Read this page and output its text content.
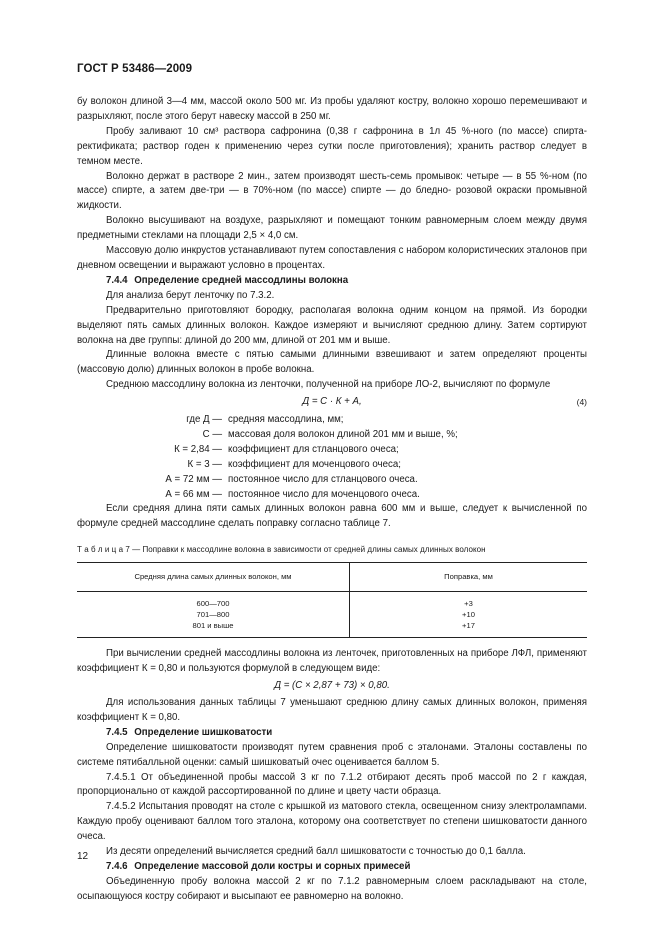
ГОСТ Р 53486—2009

бу волокон длиной 3—4 мм, массой около 500 мг. Из пробы удаляют костру, волокно хорошо перемешивают и разрыхляют, после этого берут навеску массой в 250 мг.

Пробу заливают 10 см³ раствора сафронина (0,38 г сафронина в 1л 45 %-ного (по массе) спирта-ректификата; раствор годен к применению через сутки после приготовления); хранить раствор следует в темном месте.

Волокно держат в растворе 2 мин., затем производят шесть-семь промывок: четыре — в 55 %-ном (по массе) спирте, а затем две-три — в 70%-ном (по массе) спирте — до бледно- розовой окраски промывной жидкости.

Волокно высушивают на воздухе, разрыхляют и помещают тонким равномерным слоем между двумя предметными стеклами на площади 2,5 × 4,0 см.

Массовую долю инкрустов устанавливают путем сопоставления с набором колористических эталонов при дневном освещении и выражают условно в процентах.

7.4.4 Определение средней массодлины волокна

Для анализа берут ленточку по 7.3.2.

Предварительно приготовляют бородку, располагая волокна одним концом на прямой. Из бородки выделяют пять самых длинных волокон. Каждое измеряют и вычисляют среднюю длину. Затем сортируют волокна на две группы: длиной до 200 мм, длиной от 201 мм и выше.

Длинные волокна вместе с пятью самыми длинными взвешивают и затем определяют проценты (массовую долю) длинных волокон в пробе волокна.

Среднюю массодлину волокна из ленточки, полученной на приборе ЛО-2, вычисляют по формуле

Д = С · К + А,	(4)
где Д — средняя массодлина, мм;
С — массовая доля волокон длиной 201 мм и выше, %;
К = 2,84 — коэффициент для стланцового очеса;
К = 3 — коэффициент для моченцового очеса;
А = 72 мм — постоянное число для стланцового очеса.
А = 66 мм — постоянное число для моченцового очеса.

Если средняя длина пяти самых длинных волокон равна 600 мм и выше, следует к вычисленной по формуле средней массодлине сделать поправку согласно таблице 7.

Т а б л и ц а 7 — Поправки к массодлине волокна в зависимости от средней длины самых длинных волокон
Средняя длина самых длинных волокон, мм	Поправка, мм
600—700	+3
701—800	+10
801 и выше	+17

При вычислении средней массодлины волокна из ленточек, приготовленных на приборе ЛФЛ, применяют коэффициент К = 0,80 и пользуются формулой в следующем виде:

Д = (С × 2,87 + 73) × 0,80.

Для использования данных таблицы 7 уменьшают среднюю длину самых длинных волокон, применяя коэффициент К = 0,80.

7.4.5 Определение шишковатости

Определение шишковатости производят путем сравнения проб с эталонами. Эталоны составлены по системе пятибалльной оценки: самый шишковатый очес оценивается баллом 5.

7.4.5.1 От объединенной пробы массой 3 кг по 7.1.2 отбирают десять проб массой по 2 г каждая, пропорционально от каждой рассортированной по длине и цвету части образца.

7.4.5.2 Испытания проводят на столе с крышкой из матового стекла, освещенном снизу электролампами. Каждую пробу оценивают баллом того эталона, которому она соответствует по степени шишковатости данного очеса.

Из десяти определений вычисляется средний балл шишковатости с точностью до 0,1 балла.

7.4.6 Определение массовой доли костры и сорных примесей

Объединенную пробу волокна массой 2 кг по 7.1.2 равномерным слоем раскладывают на столе, осыпающуюся костру собирают и высыпают ее равномерно на волокно.

12
